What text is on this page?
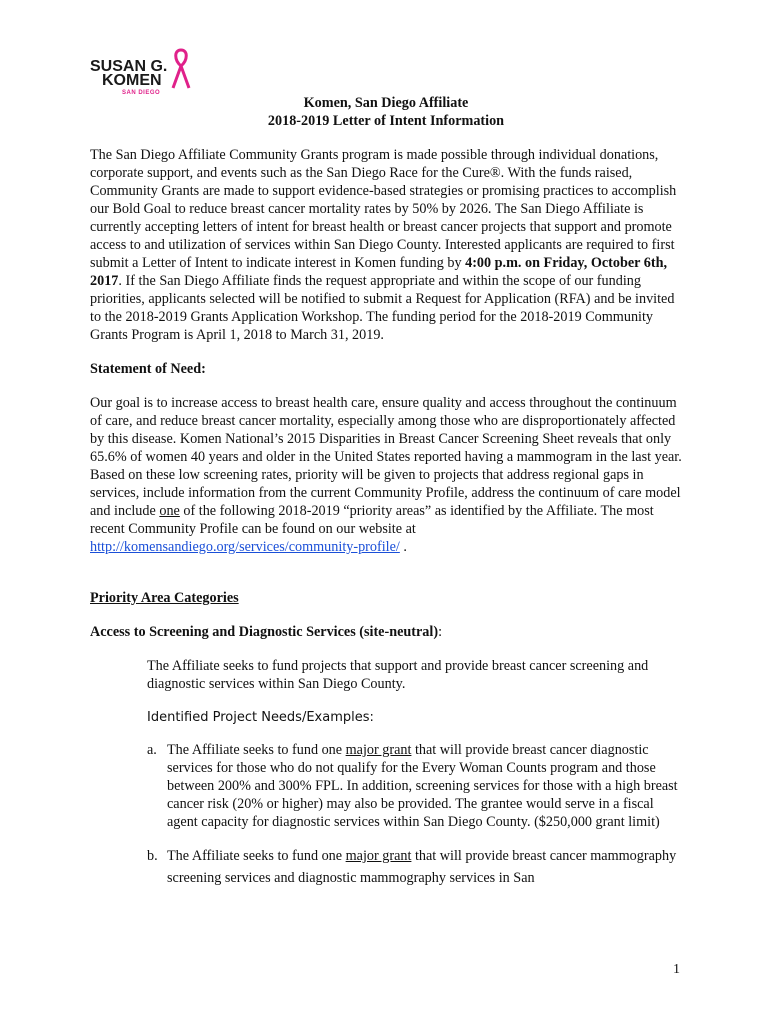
SUSAN G.
KOMEN
SAN DIEGO

Komen, San Diego Affiliate

2018-2019 Letter of Intent Information

The San Diego Affiliate Community Grants program is made possible through individual donations, corporate support, and events such as the San Diego Race for the Cure®. With the funds raised, Community Grants are made to support evidence-based strategies or promising practices to accomplish our Bold Goal to reduce breast cancer mortality rates by 50% by 2026. The San Diego Affiliate is currently accepting letters of intent for breast health or breast cancer projects that support and promote access to and utilization of services within San Diego County. Interested applicants are required to first submit a Letter of Intent to indicate interest in Komen funding by 4:00 p.m. on Friday, October 6th, 2017. If the San Diego Affiliate finds the request appropriate and within the scope of our funding priorities, applicants selected will be notified to submit a Request for Application (RFA) and be invited to the 2018-2019 Grants Application Workshop. The funding period for the 2018-2019 Community Grants Program is April 1, 2018 to March 31, 2019.

Statement of Need:

Our goal is to increase access to breast health care, ensure quality and access throughout the continuum of care, and reduce breast cancer mortality, especially among those who are disproportionately affected by this disease. Komen National’s 2015 Disparities in Breast Cancer Screening Sheet reveals that only 65.6% of women 40 years and older in the United States reported having a mammogram in the last year. Based on these low screening rates, priority will be given to projects that address regional gaps in services, include information from the current Community Profile, address the continuum of care model and include one of the following 2018-2019 “priority areas” as identified by the Affiliate. The most recent Community Profile can be found on our website at http://komensandiego.org/services/community-profile/ .

Priority Area Categories

Access to Screening and Diagnostic Services (site-neutral):

The Affiliate seeks to fund projects that support and provide breast cancer screening and diagnostic services within San Diego County.

Identified Project Needs/Examples:

a. The Affiliate seeks to fund one major grant that will provide breast cancer diagnostic services for those who do not qualify for the Every Woman Counts program and those between 200% and 300% FPL. In addition, screening services for those with a high breast cancer risk (20% or higher) may also be provided. The grantee would serve in a fiscal agent capacity for diagnostic services within San Diego County. ($250,000 grant limit)
b. The Affiliate seeks to fund one major grant that will provide breast cancer mammography screening services and diagnostic mammography services in San
1
